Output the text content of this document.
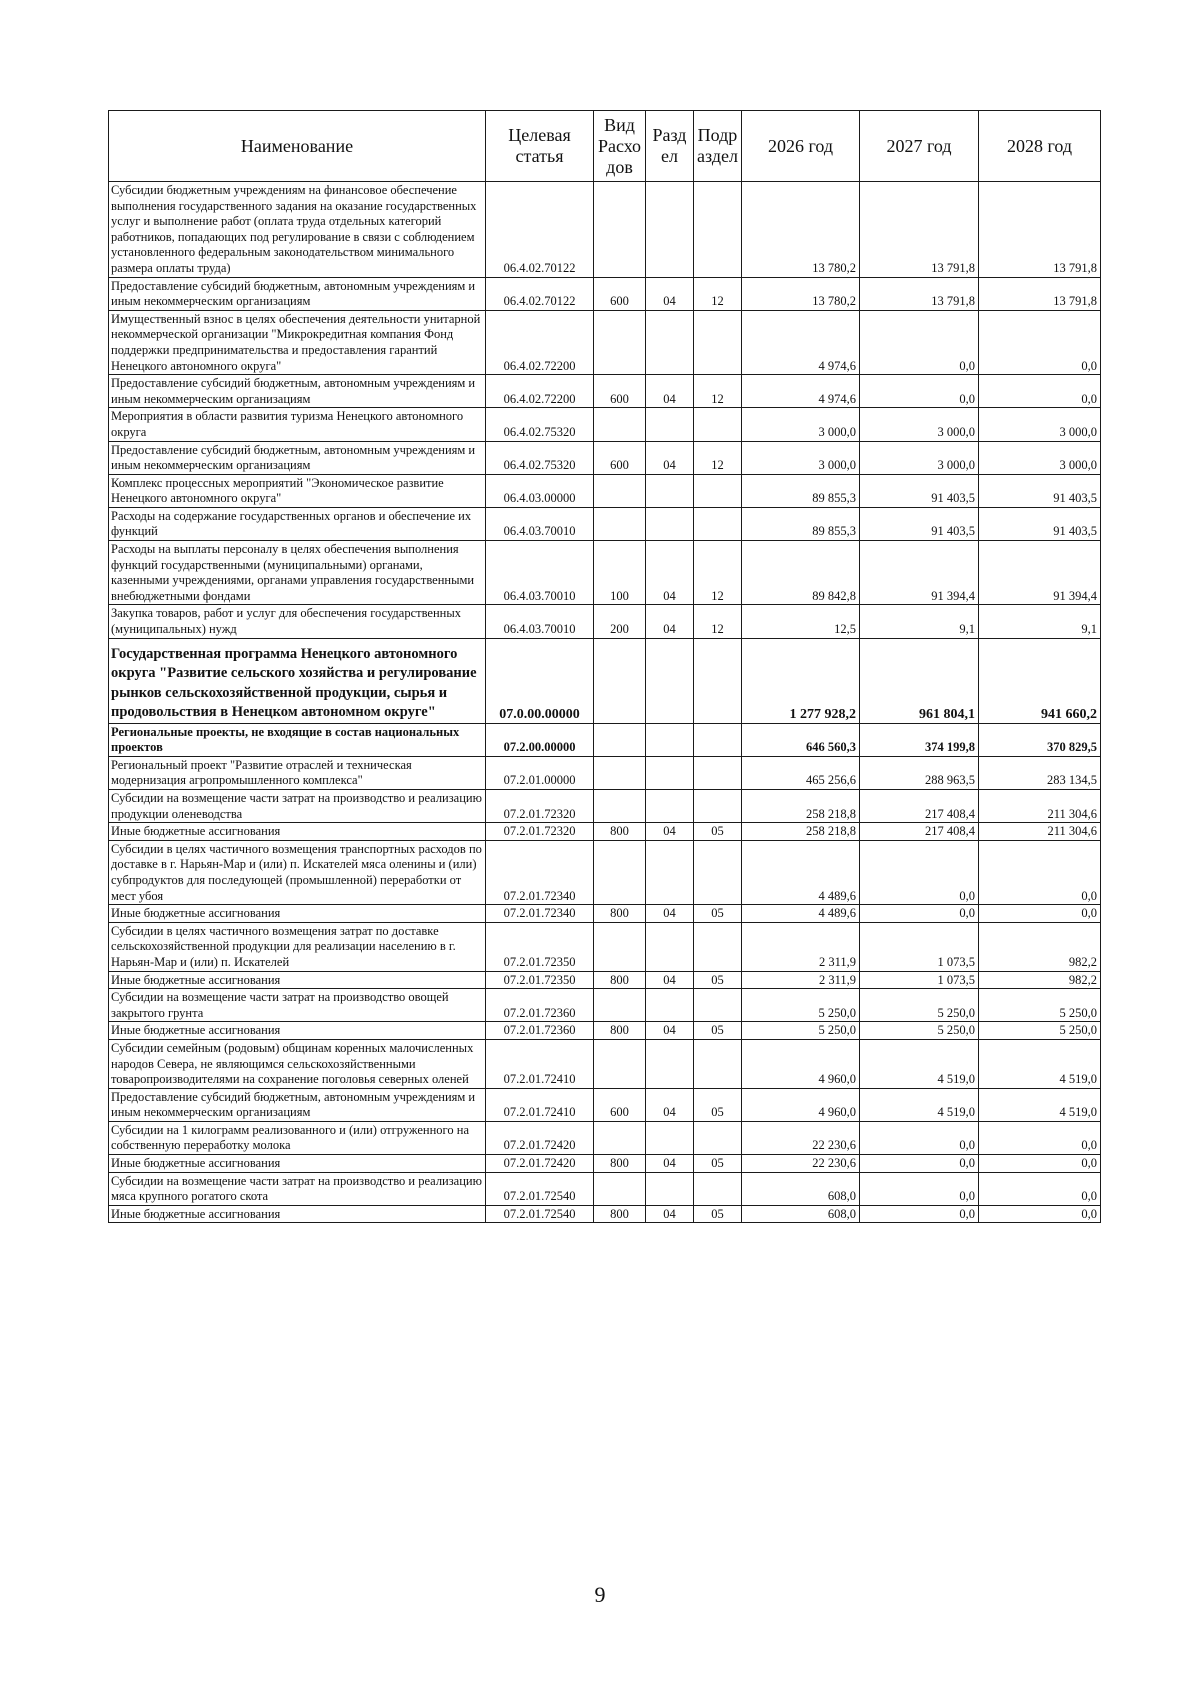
Наименование	Целевая статья	Вид Расхо дов	Разд ел	Подр аздел	2026 год	2027 год	2028 год
Субсидии бюджетным учреждениям на финансовое обеспечение выполнения государственного задания на оказание государственных услуг и выполнение работ (оплата труда отдельных категорий работников, попадающих под регулирование в связи с соблюдением установленного федеральным законодательством минимального размера оплаты труда)	06.4.02.70122				13 780,2	13 791,8	13 791,8
Предоставление субсидий бюджетным, автономным учреждениям и иным некоммерческим организациям	06.4.02.70122	600	04	12	13 780,2	13 791,8	13 791,8
Имущественный взнос в целях обеспечения деятельности унитарной некоммерческой организации "Микрокредитная компания Фонд поддержки предпринимательства и предоставления гарантий Ненецкого автономного округа"	06.4.02.72200				4 974,6	0,0	0,0
Предоставление субсидий бюджетным, автономным учреждениям и иным некоммерческим организациям	06.4.02.72200	600	04	12	4 974,6	0,0	0,0
Мероприятия в области развития туризма Ненецкого автономного округа	06.4.02.75320				3 000,0	3 000,0	3 000,0
Предоставление субсидий бюджетным, автономным учреждениям и иным некоммерческим организациям	06.4.02.75320	600	04	12	3 000,0	3 000,0	3 000,0
Комплекс процессных мероприятий "Экономическое развитие Ненецкого автономного округа"	06.4.03.00000				89 855,3	91 403,5	91 403,5
Расходы на содержание государственных органов и обеспечение их функций	06.4.03.70010				89 855,3	91 403,5	91 403,5
Расходы на выплаты персоналу в целях обеспечения выполнения функций государственными (муниципальными) органами, казенными учреждениями, органами управления государственными внебюджетными фондами	06.4.03.70010	100	04	12	89 842,8	91 394,4	91 394,4
Закупка товаров, работ и услуг для обеспечения государственных (муниципальных) нужд	06.4.03.70010	200	04	12	12,5	9,1	9,1
Государственная программа Ненецкого автономного округа "Развитие сельского хозяйства и регулирование рынков сельскохозяйственной продукции, сырья и продовольствия в Ненецком автономном округе"	07.0.00.00000				1 277 928,2	961 804,1	941 660,2
Региональные проекты, не входящие в состав национальных проектов	07.2.00.00000				646 560,3	374 199,8	370 829,5
Региональный проект "Развитие отраслей и техническая модернизация агропромышленного комплекса"	07.2.01.00000				465 256,6	288 963,5	283 134,5
Субсидии на возмещение части затрат на производство и реализацию продукции оленеводства	07.2.01.72320				258 218,8	217 408,4	211 304,6
Иные бюджетные ассигнования	07.2.01.72320	800	04	05	258 218,8	217 408,4	211 304,6
Субсидии в целях частичного возмещения транспортных расходов по доставке в г. Нарьян-Мар и (или) п. Искателей мяса оленины и (или) субпродуктов для последующей (промышленной) переработки от мест убоя	07.2.01.72340				4 489,6	0,0	0,0
Иные бюджетные ассигнования	07.2.01.72340	800	04	05	4 489,6	0,0	0,0
Субсидии в целях частичного возмещения затрат по доставке сельскохозяйственной продукции для реализации населению в г. Нарьян-Мар и (или) п. Искателей	07.2.01.72350				2 311,9	1 073,5	982,2
Иные бюджетные ассигнования	07.2.01.72350	800	04	05	2 311,9	1 073,5	982,2
Субсидии на возмещение части затрат на производство овощей закрытого грунта	07.2.01.72360				5 250,0	5 250,0	5 250,0
Иные бюджетные ассигнования	07.2.01.72360	800	04	05	5 250,0	5 250,0	5 250,0
Субсидии семейным (родовым) общинам коренных малочисленных народов Севера, не являющимся сельскохозяйственными товаропроизводителями на сохранение поголовья северных оленей	07.2.01.72410				4 960,0	4 519,0	4 519,0
Предоставление субсидий бюджетным, автономным учреждениям и иным некоммерческим организациям	07.2.01.72410	600	04	05	4 960,0	4 519,0	4 519,0
Субсидии на 1 килограмм реализованного и (или) отгруженного на собственную переработку молока	07.2.01.72420				22 230,6	0,0	0,0
Иные бюджетные ассигнования	07.2.01.72420	800	04	05	22 230,6	0,0	0,0
Субсидии на возмещение части затрат на производство и реализацию мяса крупного рогатого скота	07.2.01.72540				608,0	0,0	0,0
Иные бюджетные ассигнования	07.2.01.72540	800	04	05	608,0	0,0	0,0
9
